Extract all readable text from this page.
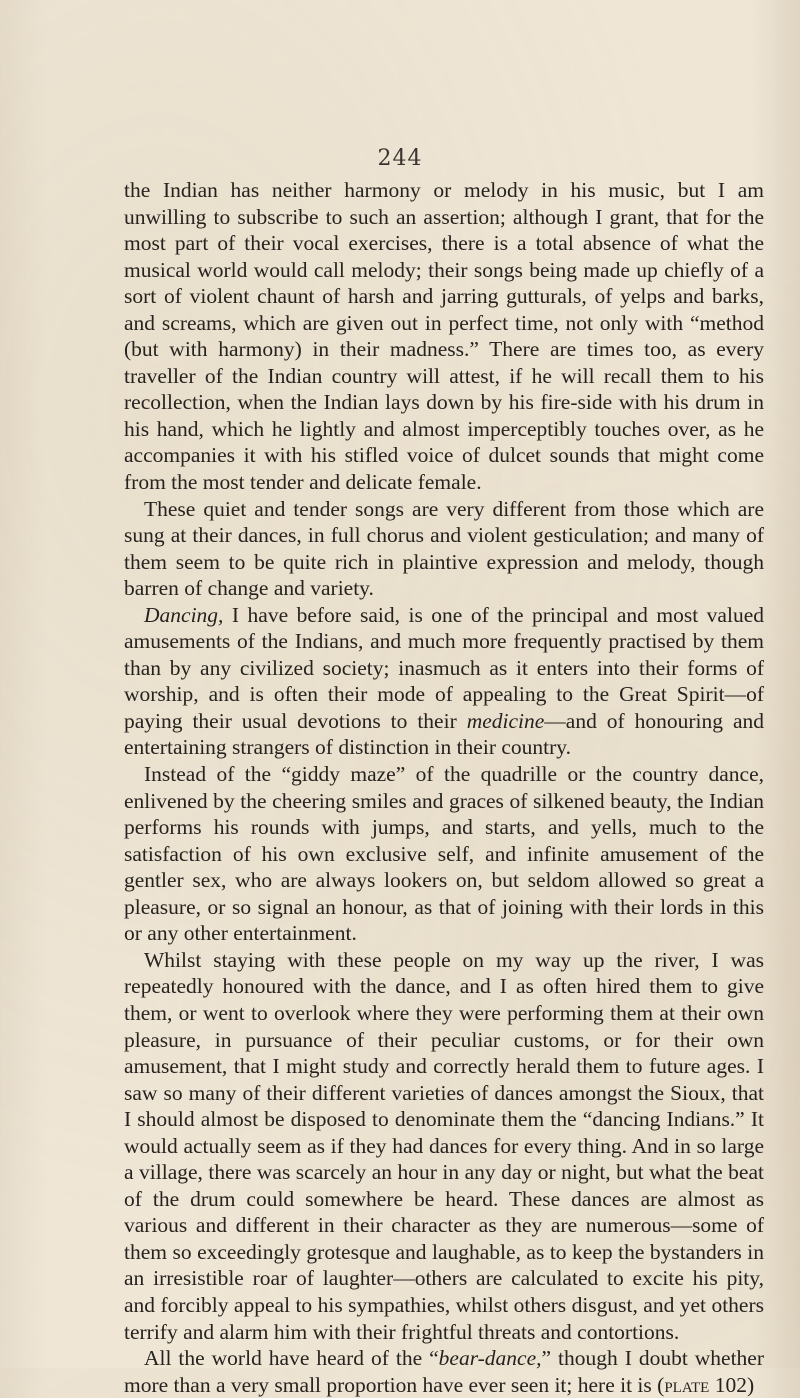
244

the Indian has neither harmony or melody in his music, but I am unwilling to subscribe to such an assertion; although I grant, that for the most part of their vocal exercises, there is a total absence of what the musical world would call melody; their songs being made up chiefly of a sort of violent chaunt of harsh and jarring gutturals, of yelps and barks, and screams, which are given out in perfect time, not only with “method (but with harmony) in their madness.” There are times too, as every traveller of the Indian country will attest, if he will recall them to his recollection, when the Indian lays down by his fire-side with his drum in his hand, which he lightly and almost imperceptibly touches over, as he accompanies it with his stifled voice of dulcet sounds that might come from the most tender and delicate female.

These quiet and tender songs are very different from those which are sung at their dances, in full chorus and violent gesticulation; and many of them seem to be quite rich in plaintive expression and melody, though barren of change and variety.

Dancing, I have before said, is one of the principal and most valued amusements of the Indians, and much more frequently practised by them than by any civilized society; inasmuch as it enters into their forms of worship, and is often their mode of appealing to the Great Spirit—of paying their usual devotions to their medicine—and of honouring and entertaining strangers of distinction in their country.

Instead of the “giddy maze” of the quadrille or the country dance, enlivened by the cheering smiles and graces of silkened beauty, the Indian performs his rounds with jumps, and starts, and yells, much to the satisfaction of his own exclusive self, and infinite amusement of the gentler sex, who are always lookers on, but seldom allowed so great a pleasure, or so signal an honour, as that of joining with their lords in this or any other entertainment.

Whilst staying with these people on my way up the river, I was repeatedly honoured with the dance, and I as often hired them to give them, or went to overlook where they were performing them at their own pleasure, in pursuance of their peculiar customs, or for their own amusement, that I might study and correctly herald them to future ages. I saw so many of their different varieties of dances amongst the Sioux, that I should almost be disposed to denominate them the “dancing Indians.” It would actually seem as if they had dances for every thing. And in so large a village, there was scarcely an hour in any day or night, but what the beat of the drum could somewhere be heard. These dances are almost as various and different in their character as they are numerous—some of them so exceedingly grotesque and laughable, as to keep the bystanders in an irresistible roar of laughter—others are calculated to excite his pity, and forcibly appeal to his sympathies, whilst others disgust, and yet others terrify and alarm him with their frightful threats and contortions.

All the world have heard of the “bear-dance,” though I doubt whether more than a very small proportion have ever seen it; here it is (plate 102)
